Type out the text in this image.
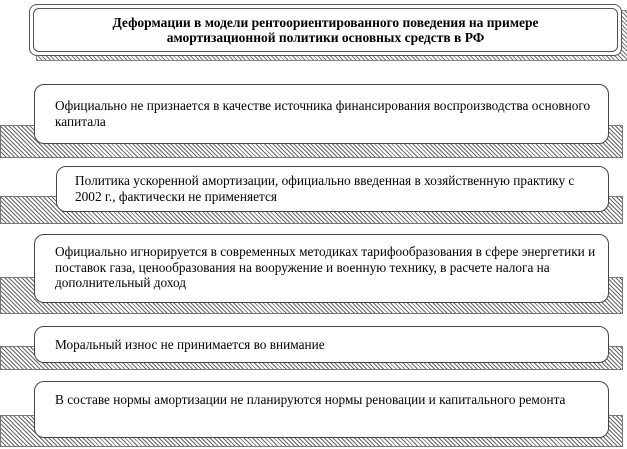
Деформации в модели рентоориентированного поведения на примере амортизационной политики основных средств в РФ
Официально не признается в качестве источника финансирования воспроизводства основного капитала
Политика ускоренной амортизации, официально введенная в хозяйственную практику с 2002 г., фактически не применяется
Официально игнорируется в современных методиках тарифообразования в сфере энергетики и поставок газа, ценообразования на вооружение и военную технику, в расчете налога на дополнительный доход
Моральный износ не принимается во внимание
В составе нормы амортизации не планируются нормы реновации и капитального ремонта
